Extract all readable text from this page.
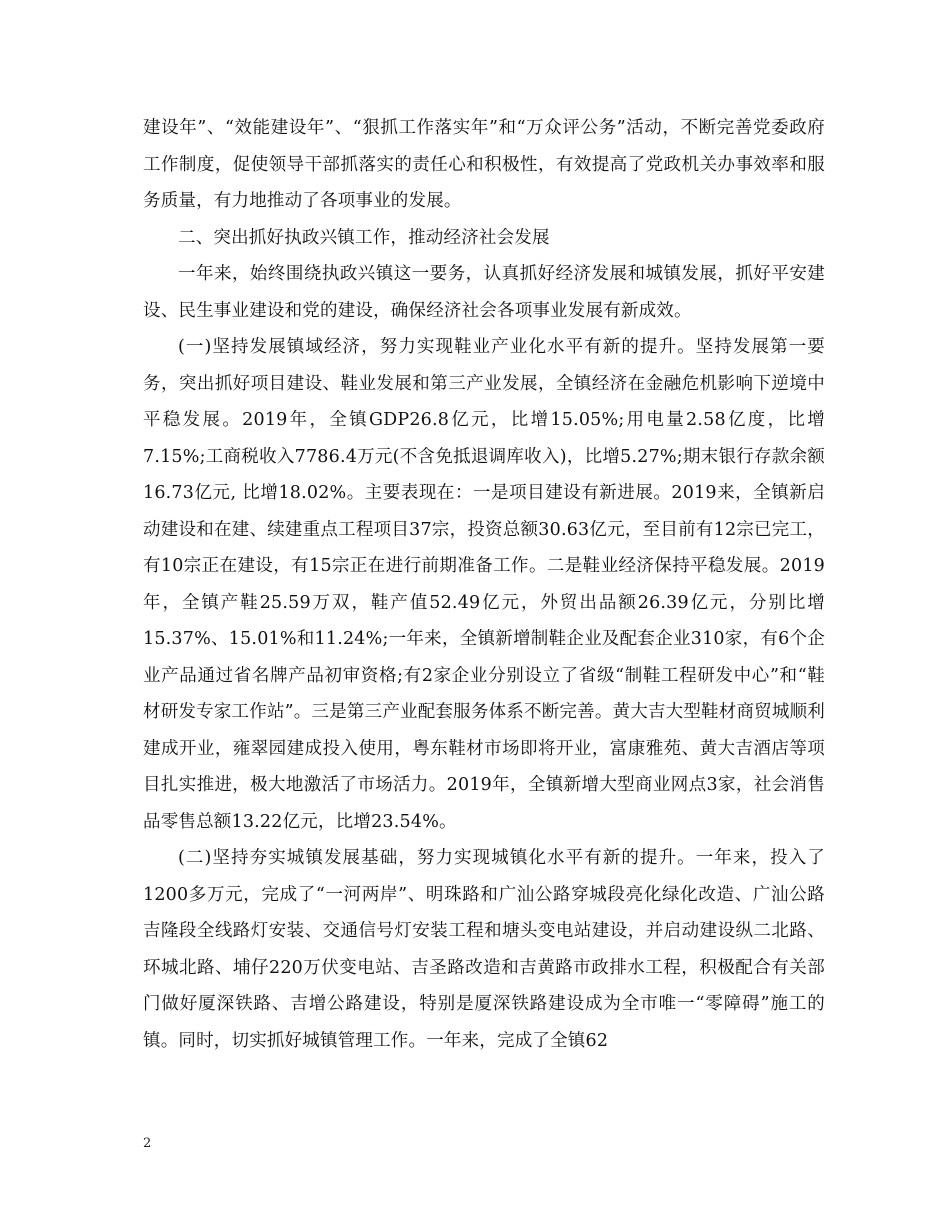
建设年”、“效能建设年”、“狠抓工作落实年”和“万众评公务”活动，不断完善党委政府工作制度，促使领导干部抓落实的责任心和积极性，有效提高了党政机关办事效率和服务质量，有力地推动了各项事业的发展。

二、突出抓好执政兴镇工作，推动经济社会发展

一年来，始终围绕执政兴镇这一要务，认真抓好经济发展和城镇发展，抓好平安建设、民生事业建设和党的建设，确保经济社会各项事业发展有新成效。

(一)坚持发展镇域经济，努力实现鞋业产业化水平有新的提升。坚持发展第一要务，突出抓好项目建设、鞋业发展和第三产业发展，全镇经济在金融危机影响下逆境中平稳发展。2019年，全镇GDP26.8亿元，比增15.05%;用电量2.58亿度，比增7.15%;工商税收入7786.4万元(不含免抵退调库收入)，比增5.27%;期末银行存款余额16.73亿元, 比增18.02%。主要表现在：一是项目建设有新进展。2019来，全镇新启动建设和在建、续建重点工程项目37宗，投资总额30.63亿元，至目前有12宗已完工，有10宗正在建设，有15宗正在进行前期准备工作。二是鞋业经济保持平稳发展。2019年，全镇产鞋25.59万双，鞋产值52.49亿元，外贸出品额26.39亿元，分别比增15.37%、15.01%和11.24%;一年来，全镇新增制鞋企业及配套企业310家，有6个企业产品通过省名牌产品初审资格;有2家企业分别设立了省级“制鞋工程研发中心”和“鞋材研发专家工作站”。三是第三产业配套服务体系不断完善。黄大吉大型鞋材商贸城顺利建成开业，雍翠园建成投入使用，粤东鞋材市场即将开业，富康雅苑、黄大吉酒店等项目扎实推进，极大地激活了市场活力。2019年，全镇新增大型商业网点3家，社会消售品零售总额13.22亿元，比增23.54%。

(二)坚持夯实城镇发展基础，努力实现城镇化水平有新的提升。一年来，投入了1200多万元，完成了“一河两岸”、明珠路和广汕公路穿城段亮化绿化改造、广汕公路吉隆段全线路灯安装、交通信号灯安装工程和塘头变电站建设，并启动建设纵二北路、环城北路、埔仔220万伏变电站、吉圣路改造和吉黄路市政排水工程，积极配合有关部门做好厦深铁路、吉增公路建设，特别是厦深铁路建设成为全市唯一“零障碍”施工的镇。同时，切实抓好城镇管理工作。一年来，完成了全镇62

2
